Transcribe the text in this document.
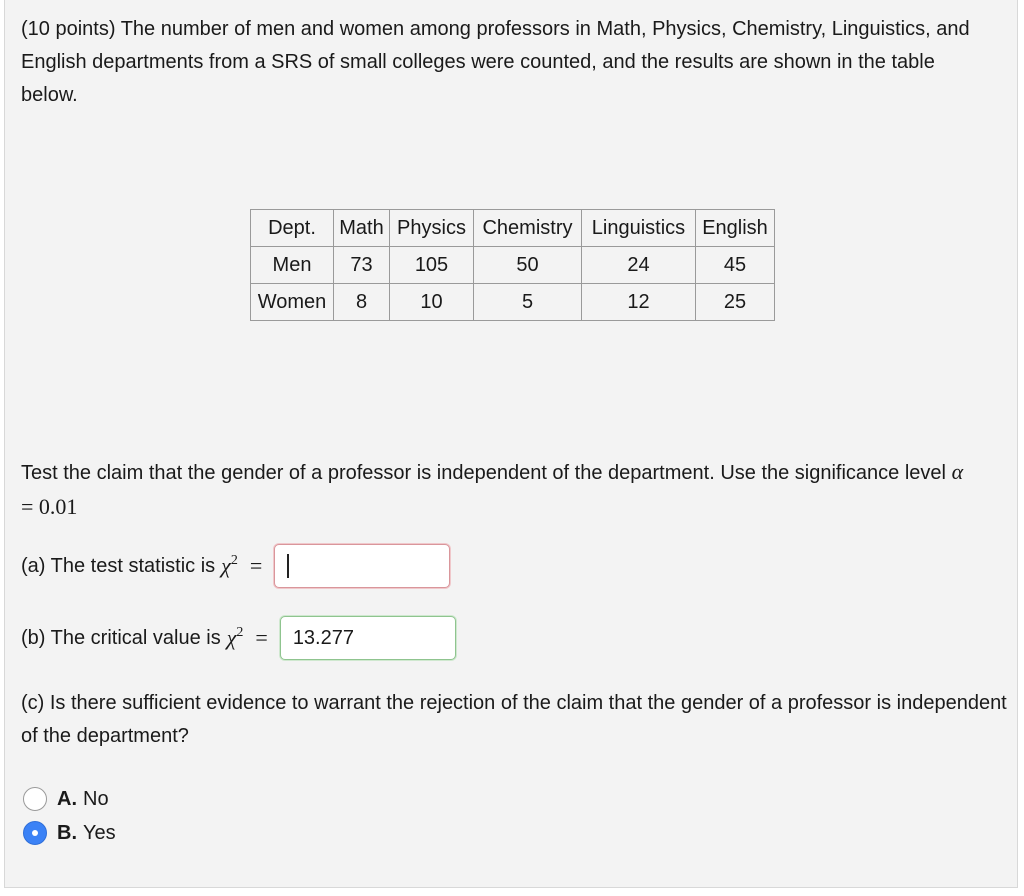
(10 points) The number of men and women among professors in Math, Physics, Chemistry, Linguistics, and English departments from a SRS of small colleges were counted, and the results are shown in the table below.
Dept.	Math	Physics	Chemistry	Linguistics	English
Men	73	105	50	24	45
Women	8	10	5	12	25
Test the claim that the gender of a professor is independent of the department. Use the significance level α = 0.01
(a) The test statistic is $\chi^2$ =
(b) The critical value is $\chi^2$ =	13.277
(c) Is there sufficient evidence to warrant the rejection of the claim that the gender of a professor is independent of the department?
A. No
B. Yes
